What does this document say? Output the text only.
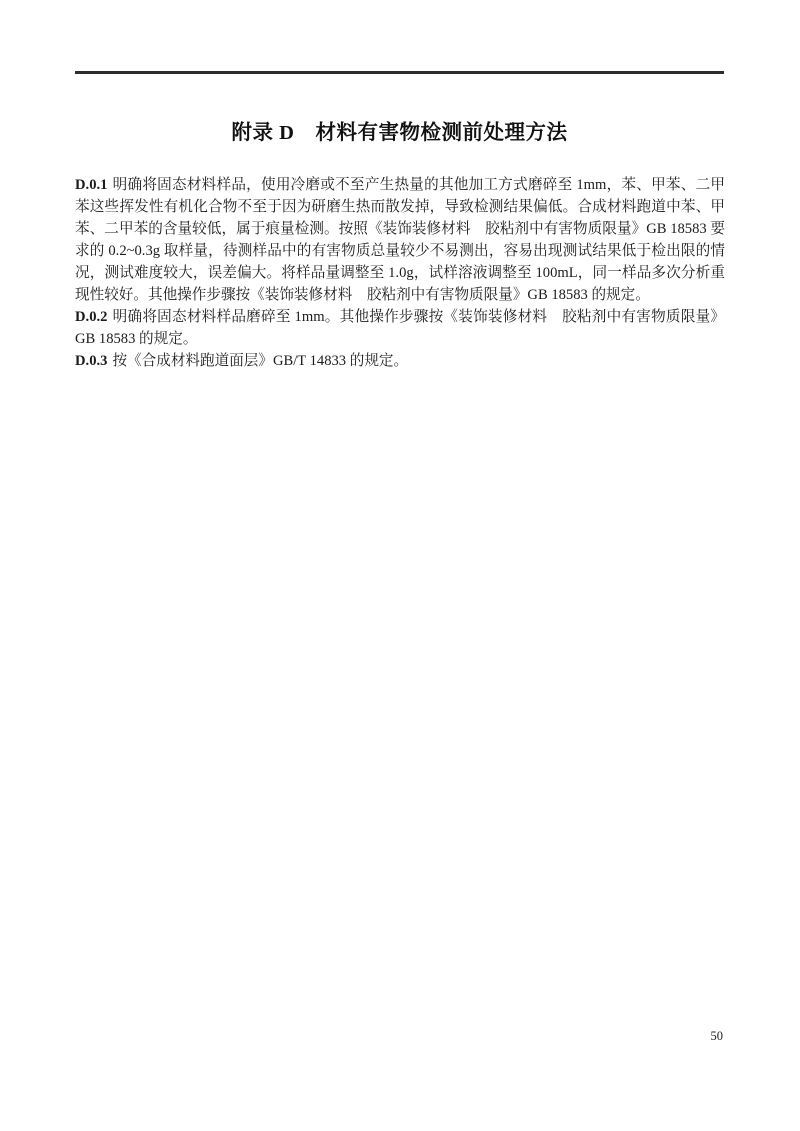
附录 D　材料有害物检测前处理方法

D.0.1 明确将固态材料样品，使用冷磨或不至产生热量的其他加工方式磨碎至 1mm，苯、甲苯、二甲苯这些挥发性有机化合物不至于因为研磨生热而散发掉，导致检测结果偏低。合成材料跑道中苯、甲苯、二甲苯的含量较低，属于痕量检测。按照《装饰装修材料　胶粘剂中有害物质限量》GB 18583 要求的 0.2~0.3g 取样量，待测样品中的有害物质总量较少不易测出，容易出现测试结果低于检出限的情况，测试难度较大，误差偏大。将样品量调整至 1.0g，试样溶液调整至 100mL，同一样品多次分析重现性较好。其他操作步骤按《装饰装修材料　胶粘剂中有害物质限量》GB 18583 的规定。

D.0.2 明确将固态材料样品磨碎至 1mm。其他操作步骤按《装饰装修材料　胶粘剂中有害物质限量》GB 18583 的规定。

D.0.3 按《合成材料跑道面层》GB/T 14833 的规定。

50
